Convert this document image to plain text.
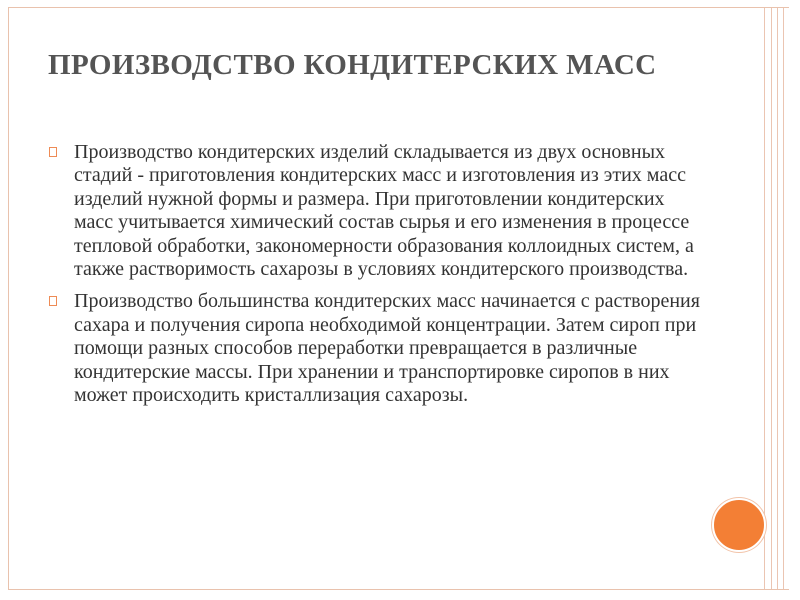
ПРОИЗВОДСТВО КОНДИТЕРСКИХ МАСС
Производство кондитерских изделий складывается из двух основных стадий - приготовления кондитерских масс и изготовления из этих масс изделий нужной формы и размера. При приготовлении кондитерских масс учитывается химический состав сырья и его изменения в процессе тепловой обработки, закономерности образования коллоидных систем, а также растворимость сахарозы в условиях кондитерского производства.
Производство большинства кондитерских масс начинается с растворения сахара и получения сиропа необходимой концентрации. Затем сироп при помощи разных способов переработки превращается в различные кондитерские массы. При хранении и транспортировке сиропов в них может происходить кристаллизация сахарозы.
